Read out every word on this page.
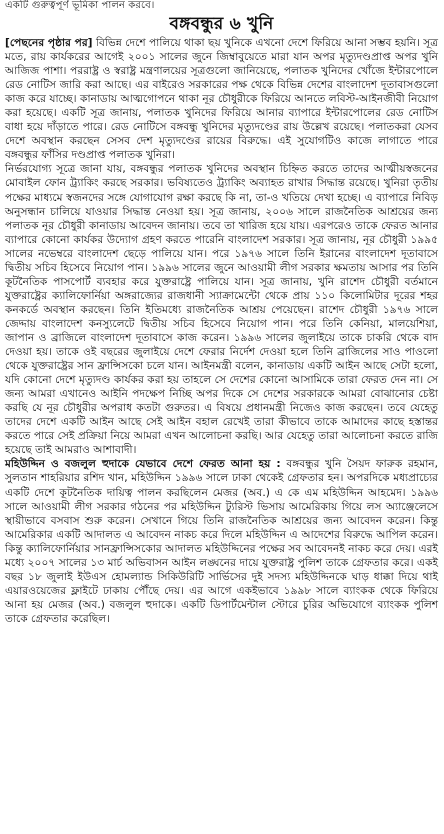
একটি গুরুত্বপূর্ণ ভূমিকা পালন করবে।

বঙ্গবন্ধুর ৬ খুনি

[পেছনের পৃষ্ঠার পর] বিভিন্ন দেশে পালিয়ে থাকা ছয় খুনিকে এখনো দেশে ফিরিয়ে আনা সম্ভব হয়নি। সূত্র মতে, রায় কার্যকরের আগেই ২০০১ সালের জুনে জিম্বাবুয়েতে মারা যান অপর মৃত্যুদণ্ডপ্রাপ্ত অপর খুনি আজিজ পাশা। পররাষ্ট্র ও স্বরাষ্ট্র মন্ত্রণালয়ের সূত্রগুলো জানিয়েছে, পলাতক খুনিদের খোঁজে ইন্টারপোলে রেড নোটিস জারি করা আছে। এর বাইরেও সরকারের পক্ষ থেকে বিভিন্ন দেশের বাংলাদেশ দূতাবাসগুলো কাজ করে যাচ্ছে। কানাডায় আত্মগোপনে থাকা নূর চৌধুরীকে ফিরিয়ে আনতে লবিস্ট-আইনজীবী নিয়োগ করা হয়েছে। একটি সূত্র জানায়, পলাতক খুনিদের ফিরিয়ে আনার ব্যাপারে ইন্টারপোলের রেড নোটিস বাধা হয়ে দাঁড়াতে পারে। রেড নোটিসে বঙ্গবন্ধু খুনিদের মৃত্যুদণ্ডের রায় উল্লেখ রয়েছে। পলাতকরা যেসব দেশে অবস্থান করছেন সেসব দেশ মৃত্যুদণ্ডের রায়ের বিরুদ্ধে। এই সুযোগটিও কাজে লাগাতে পারে বঙ্গবন্ধুর ফাঁসির দণ্ডপ্রাপ্ত পলাতক খুনিরা।

নির্ভরযোগ্য সূত্রে জানা যায়, বঙ্গবন্ধুর পলাতক খুনিদের অবস্থান চিহ্নিত করতে তাদের আত্মীয়স্বজনের মোবাইল ফোন ট্র্যাকিং করছে সরকার। ভবিষ্যতেও ট্র্যাকিং অব্যাহত রাখার সিদ্ধান্ত রয়েছে। খুনিরা তৃতীয় পক্ষের মাধ্যমে স্বজনদের সঙ্গে যোগাযোগ রক্ষা করছে কি না, তা-ও খতিয়ে দেখা হচ্ছে। এ ব্যাপারে নিবিড় অনুসন্ধান চালিয়ে যাওয়ার সিদ্ধান্ত নেওয়া হয়। সূত্র জানায়, ২০০৬ সালে রাজনৈতিক আশ্রয়ের জন্য পলাতক নূর চৌধুরী কানাডায় আবেদন জানায়। তবে তা খারিজ হয়ে যায়। এরপরেও তাকে ফেরত আনার ব্যাপারে কোনো কার্যকর উদ্যোগ গ্রহণ করতে পারেনি বাংলাদেশ সরকার। সূত্র জানায়, নূর চৌধুরী ১৯৯৫ সালের নভেম্বরে বাংলাদেশ ছেড়ে পালিয়ে যান। পরে ১৯৭৬ সালে তিনি ইরানের বাংলাদেশ দূতাবাসে দ্বিতীয় সচিব হিসেবে নিয়োগ পান। ১৯৯৬ সালের জুনে আওয়ামী লীগ সরকার ক্ষমতায় আসার পর তিনি কূটনৈতিক পাসপোর্ট ব্যবহার করে যুক্তরাষ্ট্রে পালিয়ে যান। সূত্র জানায়, খুনি রাশেদ চৌধুরী বর্তমানে যুক্তরাষ্ট্রের ক্যালিফোর্নিয়া অঙ্গরাজ্যের রাজধানী স্যাক্রামেন্টো থেকে প্রায় ১১০ কিলোমিটার দূরের শহর কনকর্ডে অবস্থান করছেন। তিনি ইতিমধ্যে রাজনৈতিক আশ্রয় পেয়েছেন। রাশেদ চৌধুরী ১৯৭৬ সালে জেদ্দায় বাংলাদেশ কনস্যুলেটে দ্বিতীয় সচিব হিসেবে নিয়োগ পান। পরে তিনি কেনিয়া, মালয়েশিয়া, জাপান ও ব্রাজিলে বাংলাদেশ দূতাবাসে কাজ করেন। ১৯৯৬ সালের জুলাইয়ে তাকে চাকরি থেকে বাদ দেওয়া হয়। তাকে ওই বছরের জুলাইয়ে দেশে ফেরার নির্দেশ দেওয়া হলে তিনি ব্রাজিলের সাও পাওলো থেকে যুক্তরাষ্ট্রের সান ফ্রান্সিসকো চলে যান। আইনমন্ত্রী বলেন, কানাডায় একটি আইন আছে সেটা হলো, যদি কোনো দেশে মৃত্যুদণ্ড কার্যকর করা হয় তাহলে সে দেশের কোনো আসামিকে তারা ফেরত দেন না। সে জন্য আমরা এখানেও আইনি পদক্ষেপ নিচ্ছি অপর দিকে সে দেশের সরকারকে আমরা বোঝানোর চেষ্টা করছি যে নূর চৌধুরীর অপরাধ কতটা গুরুতর। এ বিষয়ে প্রধানমন্ত্রী নিজেও কাজ করছেন। তবে যেহেতু তাদের দেশে একটি আইন আছে সেই আইন বহাল রেখেই তারা কীভাবে তাকে আমাদের কাছে হস্তান্তর করতে পারে সেই প্রক্রিয়া নিয়ে আমরা এখন আলোচনা করছি। আর যেহেতু তারা আলোচনা করতে রাজি হয়েছে তাই আমরাও আশাবাদী।

মহিউদ্দিন ও বজলুল হুদাকে যেভাবে দেশে ফেরত আনা হয় : বঙ্গবন্ধুর খুনি সৈয়দ ফারুক রহমান, সুলতান শাহরিয়ার রশিদ খান, মহিউদ্দিন ১৯৯৬ সালে ঢাকা থেকেই গ্রেফতার হন। অপরদিকে মধ্যপ্রাচ্যের একটি দেশে কূটনৈতিক দায়িত্ব পালন করছিলেন মেজর (অব.) এ কে এম মহিউদ্দিন আহমেদ। ১৯৯৬ সালে আওয়ামী লীগ সরকার গঠনের পর মহিউদ্দিন ট্যুরিস্ট ভিসায় আমেরিকায় গিয়ে লস অ্যাঞ্জেলেসে স্থায়ীভাবে বসবাস শুরু করেন। সেখানে গিয়ে তিনি রাজনৈতিক আশ্রয়ের জন্য আবেদন করেন। কিন্তু আমেরিকার একটি আদালত এ আবেদন নাকচ করে দিলে মহিউদ্দিন এ আদেশের বিরুদ্ধে আপিল করেন। কিন্তু ক্যালিফোর্নিয়ার সানফ্রান্সিসকোর আদালত মহিউদ্দিনের পক্ষের সব আবেদনই নাকচ করে দেয়। এরই মধ্যে ২০০৭ সালের ১৩ মার্চ অভিবাসন আইন লঙ্ঘনের দায়ে যুক্তরাষ্ট্র পুলিশ তাকে গ্রেফতার করে। একই বছর ১৮ জুলাই ইউএস হোমল্যান্ড সিকিউরিটি সার্ভিসের দুই সদস্য মহিউদ্দিনকে ঘাড় ধাক্কা দিয়ে থাই এয়ারওয়েজের ফ্লাইটে ঢাকায় পৌঁছে দেয়। এর আগে একইভাবে ১৯৯৮ সালে ব্যাংকক থেকে ফিরিয়ে আনা হয় মেজর (অব.) বজলুল হুদাকে। একটি ডিপার্টমেন্টাল স্টোরে চুরির অভিযোগে ব্যাংকক পুলিশ তাকে গ্রেফতার করেছিল।
